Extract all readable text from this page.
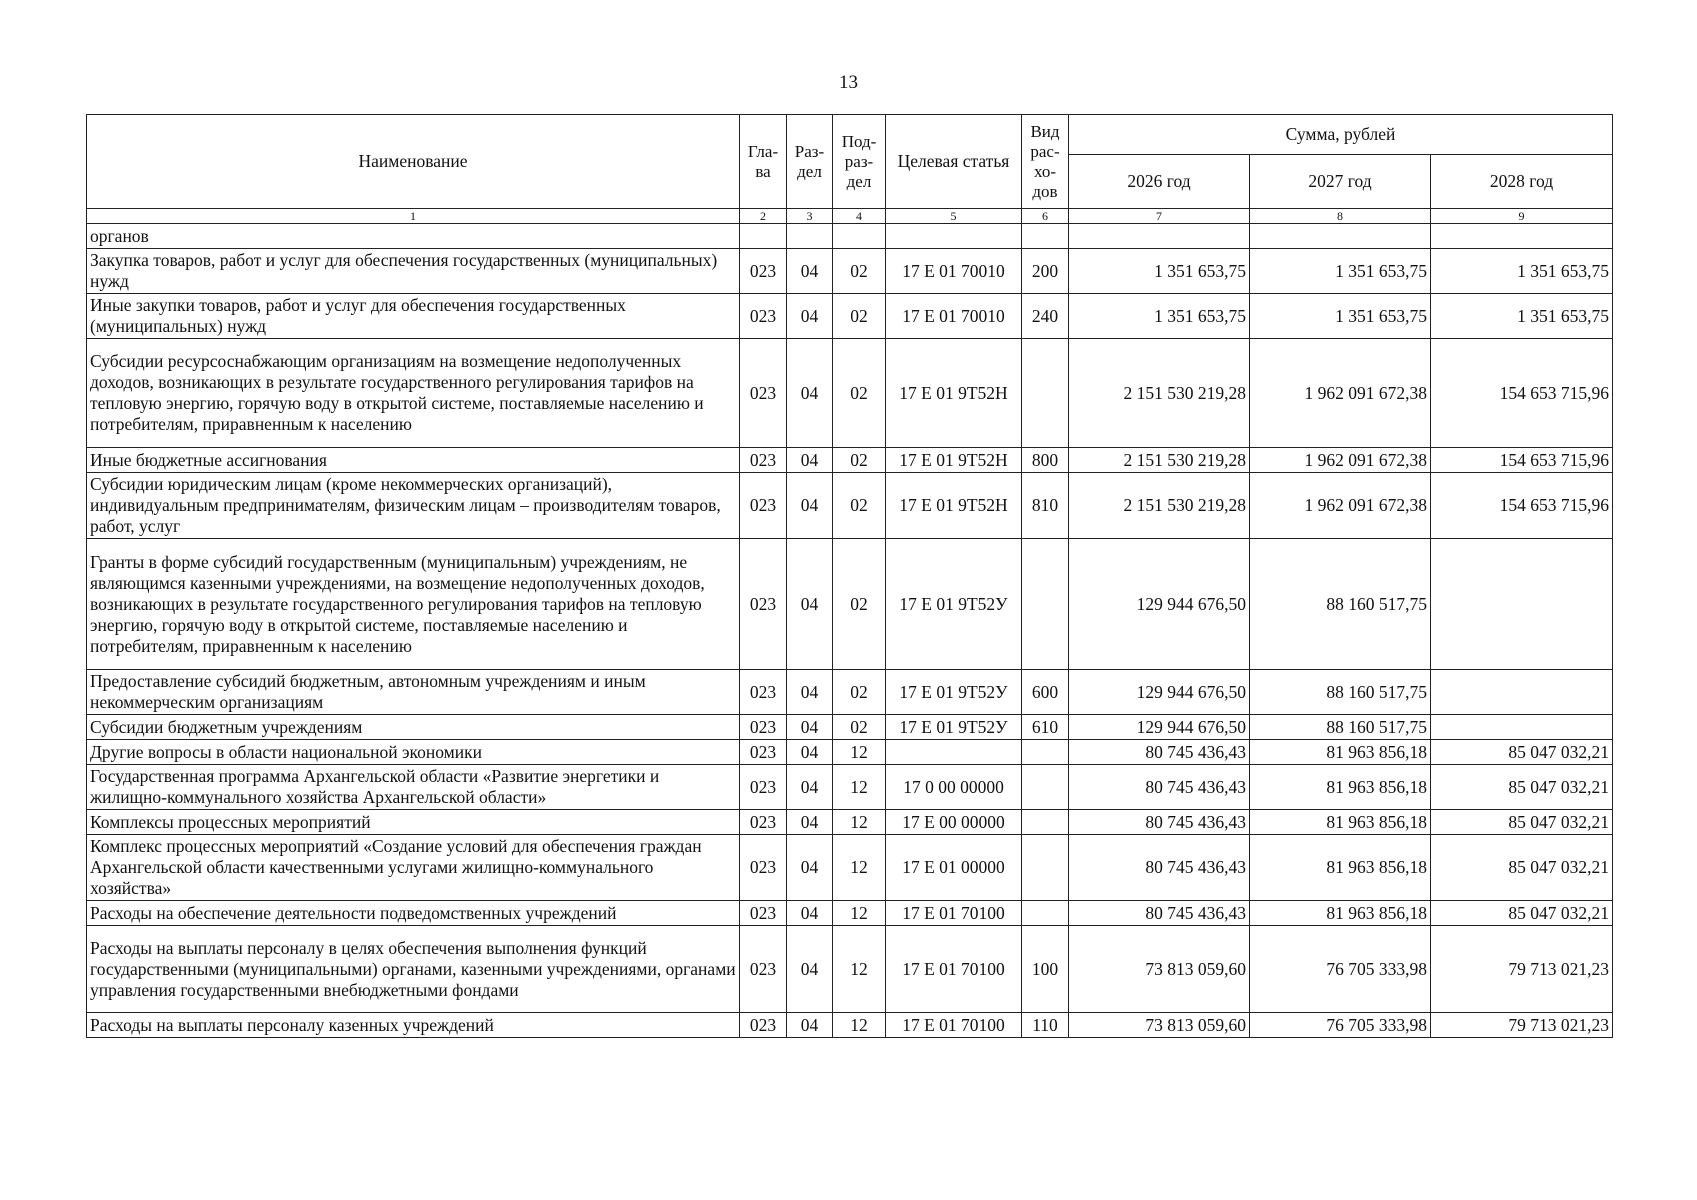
13
Наименование	Гла-ва	Раз-дел	Под-раз-дел	Целевая статья	Вид рас-хо-дов	Сумма, рублей		
						2026 год	2027 год	2028 год
1	2	3	4	5	6	7	8	9
органов								
Закупка товаров, работ и услуг для обеспечения государственных (муниципальных) нужд	023	04	02	17 Е 01 70010	200	1 351 653,75	1 351 653,75	1 351 653,75
Иные закупки товаров, работ и услуг для обеспечения государственных (муниципальных) нужд	023	04	02	17 Е 01 70010	240	1 351 653,75	1 351 653,75	1 351 653,75
Субсидии ресурсоснабжающим организациям на возмещение недополученных доходов, возникающих в результате государственного регулирования тарифов на тепловую энергию, горячую воду в открытой системе, поставляемые населению и потребителям, приравненным к населению	023	04	02	17 Е 01 9Т52Н		2 151 530 219,28	1 962 091 672,38	154 653 715,96
Иные бюджетные ассигнования	023	04	02	17 Е 01 9Т52Н	800	2 151 530 219,28	1 962 091 672,38	154 653 715,96
Субсидии юридическим лицам (кроме некоммерческих организаций), индивидуальным предпринимателям, физическим лицам – производителям товаров, работ, услуг	023	04	02	17 Е 01 9Т52Н	810	2 151 530 219,28	1 962 091 672,38	154 653 715,96
Гранты в форме субсидий государственным (муниципальным) учреждениям, не являющимся казенными учреждениями, на возмещение недополученных доходов, возникающих в результате государственного регулирования тарифов на тепловую энергию, горячую воду в открытой системе, поставляемые населению и потребителям, приравненным к населению	023	04	02	17 Е 01 9Т52У		129 944 676,50	88 160 517,75	
Предоставление субсидий бюджетным, автономным учреждениям и иным некоммерческим организациям	023	04	02	17 Е 01 9Т52У	600	129 944 676,50	88 160 517,75	
Субсидии бюджетным учреждениям	023	04	02	17 Е 01 9Т52У	610	129 944 676,50	88 160 517,75	
Другие вопросы в области национальной экономики	023	04	12			80 745 436,43	81 963 856,18	85 047 032,21
Государственная программа Архангельской области «Развитие энергетики и жилищно-коммунального хозяйства Архангельской области»	023	04	12	17 0 00 00000		80 745 436,43	81 963 856,18	85 047 032,21
Комплексы процессных мероприятий	023	04	12	17 Е 00 00000		80 745 436,43	81 963 856,18	85 047 032,21
Комплекс процессных мероприятий «Создание условий для обеспечения граждан Архангельской области качественными услугами жилищно-коммунального хозяйства»	023	04	12	17 Е 01 00000		80 745 436,43	81 963 856,18	85 047 032,21
Расходы на обеспечение деятельности подведомственных учреждений	023	04	12	17 Е 01 70100		80 745 436,43	81 963 856,18	85 047 032,21
Расходы на выплаты персоналу в целях обеспечения выполнения функций государственными (муниципальными) органами, казенными учреждениями, органами управления государственными внебюджетными фондами	023	04	12	17 Е 01 70100	100	73 813 059,60	76 705 333,98	79 713 021,23
Расходы на выплаты персоналу казенных учреждений	023	04	12	17 Е 01 70100	110	73 813 059,60	76 705 333,98	79 713 021,23
